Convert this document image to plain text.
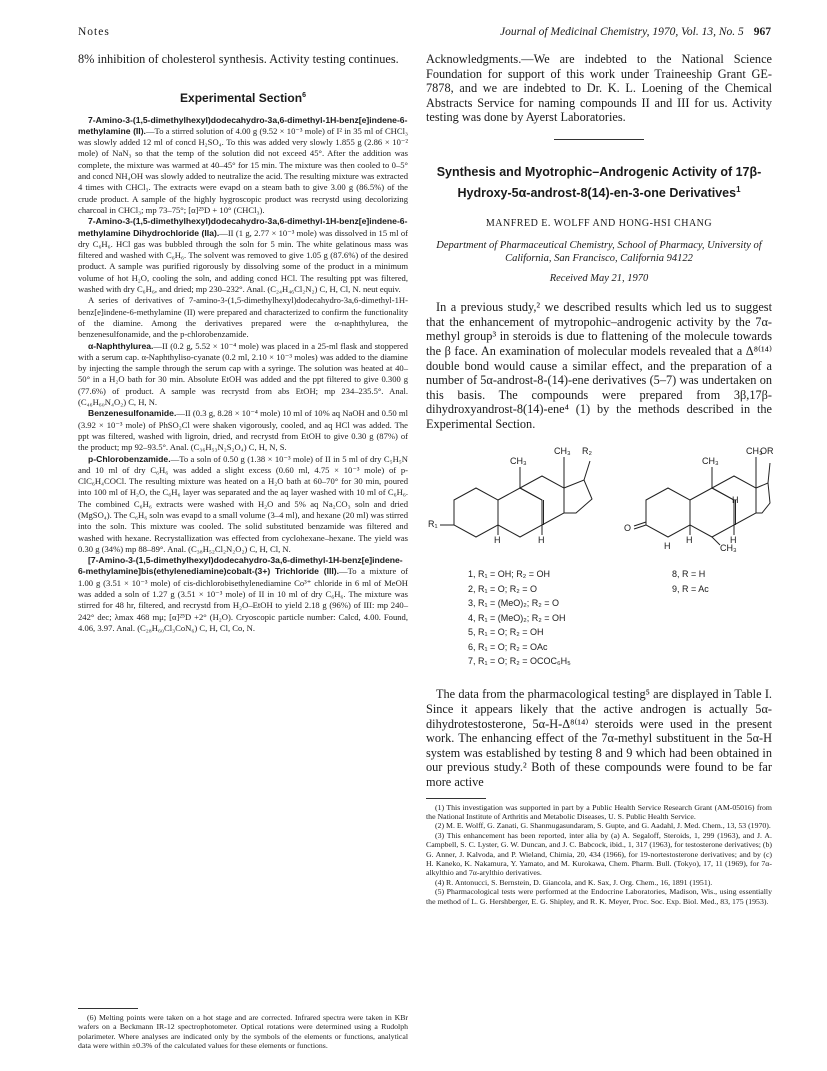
Notes	Journal of Medicinal Chemistry, 1970, Vol. 13, No. 5 967

8% inhibition of cholesterol synthesis. Activity testing continues.

Experimental Section$^6$

7-Amino-3-(1,5-dimethylhexyl)dodecahydro-3a,6-dimethyl-1H-benz[e]indene-6-methylamine (II).—To a stirred solution of 4.00 g (9.52 × 10⁻³ mole) of I² in 35 ml of CHCl₃ was slowly added 12 ml of concd H₂SO₄. To this was added very slowly 1.855 g (2.86 × 10⁻² mole) of NaN₃ so that the temp of the solution did not exceed 45°. After the addition was complete, the mixture was warmed at 40–45° for 15 min. The mixture was then cooled to 0–5° and concd NH₄OH was slowly added to neutralize the acid. The resulting mixture was extracted 4 times with CHCl₃. The extracts were evapd on a steam bath to give 3.00 g (86.5%) of the crude product. A sample of the highly hygroscopic product was recrystd using decolorizing charcoal in CHCl₃; mp 73–75°; [α]²⁵D + 10° (CHCl₃).

7-Amino-3-(1,5-dimethylhexyl)dodecahydro-3a,6-dimethyl-1H-benz[e]indene-6-methylamine Dihydrochloride (IIa).—II (1 g, 2.77 × 10⁻³ mole) was dissolved in 15 ml of dry C₆H₆. HCl gas was bubbled through the soln for 5 min. The white gelatinous mass was filtered and washed with C₆H₆. The solvent was removed to give 1.05 g (87.6%) of the desired product. A sample was purified rigorously by dissolving some of the product in a minimum volume of hot H₂O, cooling the soln, and adding concd HCl. The resulting ppt was filtered, washed with dry C₆H₆, and dried; mp 230–232°. Anal. (C₂₄H₄₆Cl₂N₂) C, H, Cl, N. neut equiv.

A series of derivatives of 7-amino-3-(1,5-dimethylhexyl)dodecahydro-3a,6-dimethyl-1H-benz[e]indene-6-methylamine (II) were prepared and characterized to confirm the functionality of the diamine. Among the derivatives prepared were the α-naphthylurea, the benzenesulfonamide, and the p-chlorobenzamide.

α-Naphthylurea.—II (0.2 g, 5.52 × 10⁻⁴ mole) was placed in a 25-ml flask and stoppered with a serum cap. α-Naphthyliso-cyanate (0.2 ml, 2.10 × 10⁻³ moles) was added to the diamine by injecting the sample through the serum cap with a syringe. The solution was heated at 40–50° in a H₂O bath for 30 min. Absolute EtOH was added and the ppt filtered to give 0.300 g (77.6%) of product. A sample was recrystd from abs EtOH; mp 234–235.5°. Anal. (C₄₆H₆₀N₄O₂) C, H, N.

Benzenesulfonamide.—II (0.3 g, 8.28 × 10⁻⁴ mole) 10 ml of 10% aq NaOH and 0.50 ml (3.92 × 10⁻³ mole) of PhSO₂Cl were shaken vigorously, cooled, and aq HCl was added. The ppt was filtered, washed with ligroin, dried, and recrystd from EtOH to give 0.30 g (87%) of the product; mp 92–93.5°. Anal. (C₃₆H₅₃N₂S₂O₄) C, H, N, S.

p-Chlorobenzamide.—To a soln of 0.50 g (1.38 × 10⁻³ mole) of II in 5 ml of dry C₅H₅N and 10 ml of dry C₆H₆ was added a slight excess (0.60 ml, 4.75 × 10⁻³ mole) of p-ClC₆H₄COCl. The resulting mixture was heated on a H₂O bath at 60–70° for 30 min, poured into 100 ml of H₂O, the C₆H₆ layer was separated and the aq layer washed with 10 ml of C₆H₆. The combined C₆H₆ extracts were washed with H₂O and 5% aq Na₂CO₃ soln and dried (MgSO₄). The C₆H₆ soln was evapd to a small volume (3–4 ml), and hexane (20 ml) was stirred into the soln. This mixture was cooled. The solid substituted benzamide was filtered and washed with hexane. Recrystallization was effected from cyclohexane–hexane. The yield was 0.30 g (34%) mp 88–89°. Anal. (C₃₈H₅₂Cl₂N₂O₂) C, H, Cl, N.

[7-Amino-3-(1,5-dimethylhexyl)dodecahydro-3a,6-dimethyl-1H-benz[e]indene-6-methylamine]bis(ethylenediamine)cobalt-(3+) Trichloride (III).—To a mixture of 1.00 g (3.51 × 10⁻³ mole) of cis-dichlorobisethylenediamine Co³⁺ chloride in 6 ml of MeOH was added a soln of 1.27 g (3.51 × 10⁻³ mole) of II in 10 ml of dry C₆H₆. The mixture was stirred for 48 hr, filtered, and recrystd from H₂O–EtOH to yield 2.18 g (96%) of III: mp 240–242° dec; λmax 468 mμ; [α]²⁵D +2° (H₂O). Cryoscopic particle number: Calcd, 4.00. Found, 4.06, 3.97. Anal. (C₂₈H₆₀Cl₃CoN₆) C, H, Cl, Co, N.

(6) Melting points were taken on a hot stage and are corrected. Infrared spectra were taken in KBr wafers on a Beckmann IR-12 spectrophotometer. Optical rotations were determined using a Rudolph polarimeter. Where analyses are indicated only by the symbols of the elements or functions, analytical data were within ±0.3% of the calculated values for these elements or functions.

Acknowledgments.—We are indebted to the National Science Foundation for support of this work under Traineeship Grant GE-7878, and we are indebted to Dr. K. L. Loening of the Chemical Abstracts Service for naming compounds II and III for us. Activity testing was done by Ayerst Laboratories.

Synthesis and Myotrophic–Androgenic Activity of 17β-Hydroxy-5α-androst-8(14)-en-3-one Derivatives$^1$
MANFRED E. WOLFF AND HONG-HSI CHANG
Department of Pharmaceutical Chemistry, School of Pharmacy, University of California, San Francisco, California 94122
Received May 21, 1970

In a previous study,² we described results which led us to suggest that the enhancement of mytropohic–androgenic activity by the 7α-methyl group³ in steroids is due to flattening of the molecule towards the β face. An examination of molecular models revealed that a Δ⁸⁽¹⁴⁾ double bond would cause a similar effect, and the preparation of a number of 5α-androst-8-(14)-ene derivatives (5–7) was undertaken on this basis. The compounds were prepared from 3β,17β-dihydroxyandrost-8(14)-ene⁴ (1) by the methods described in the Experimental Section.

CH₃ R₂
CH₃
R₁
H
H
CH₃
OR
CH₃
H
H
H
CH₃
H
O
1, R₁ = OH; R₂ = OH
2, R₁ = O; R₂ = O
3, R₁ = (MeO)₂; R₂ = O
4, R₁ = (MeO)₂; R₂ = OH
5, R₁ = O; R₂ = OH
6, R₁ = O; R₂ = OAc
7, R₁ = O; R₂ = OCOC₆H₅
8, R = H
9, R = Ac

The data from the pharmacological testing⁵ are displayed in Table I. Since it appears likely that the active androgen is actually 5α-dihydrotestosterone, 5α-H-Δ⁸⁽¹⁴⁾ steroids were used in the present work. The enhancing effect of the 7α-methyl substituent in the 5α-H system was established by testing 8 and 9 which had been obtained in our previous study.² Both of these compounds were found to be far more active

(1) This investigation was supported in part by a Public Health Service Research Grant (AM-05016) from the National Institute of Arthritis and Metabolic Diseases, U. S. Public Health Service.

(2) M. E. Wolff, G. Zanati, G. Shanmugasundaram, S. Gupte, and G. Aadahl, J. Med. Chem., 13, 53 (1970).

(3) This enhancement has been reported, inter alia by (a) A. Segaloff, Steroids, 1, 299 (1963), and J. A. Campbell, S. C. Lyster, G. W. Duncan, and J. C. Babcock, ibid., 1, 317 (1963), for testosterone derivatives; (b) G. Anner, J. Kalvoda, and P. Wieland, Chimia, 20, 434 (1966), for 19-nortestosterone derivatives; and by (c) H. Kaneko, K. Nakamura, Y. Yamato, and M. Kurokawa, Chem. Pharm. Bull. (Tokyo), 17, 11 (1969), for 7α-alkylthio and 7α-arylthio derivatives.

(4) R. Antonucci, S. Bernstein, D. Giancola, and K. Sax, J. Org. Chem., 16, 1891 (1951).

(5) Pharmacological tests were performed at the Endocrine Laboratories, Madison, Wis., using essentially the method of L. G. Hershberger, E. G. Shipley, and R. K. Meyer, Proc. Soc. Exp. Biol. Med., 83, 175 (1953).
